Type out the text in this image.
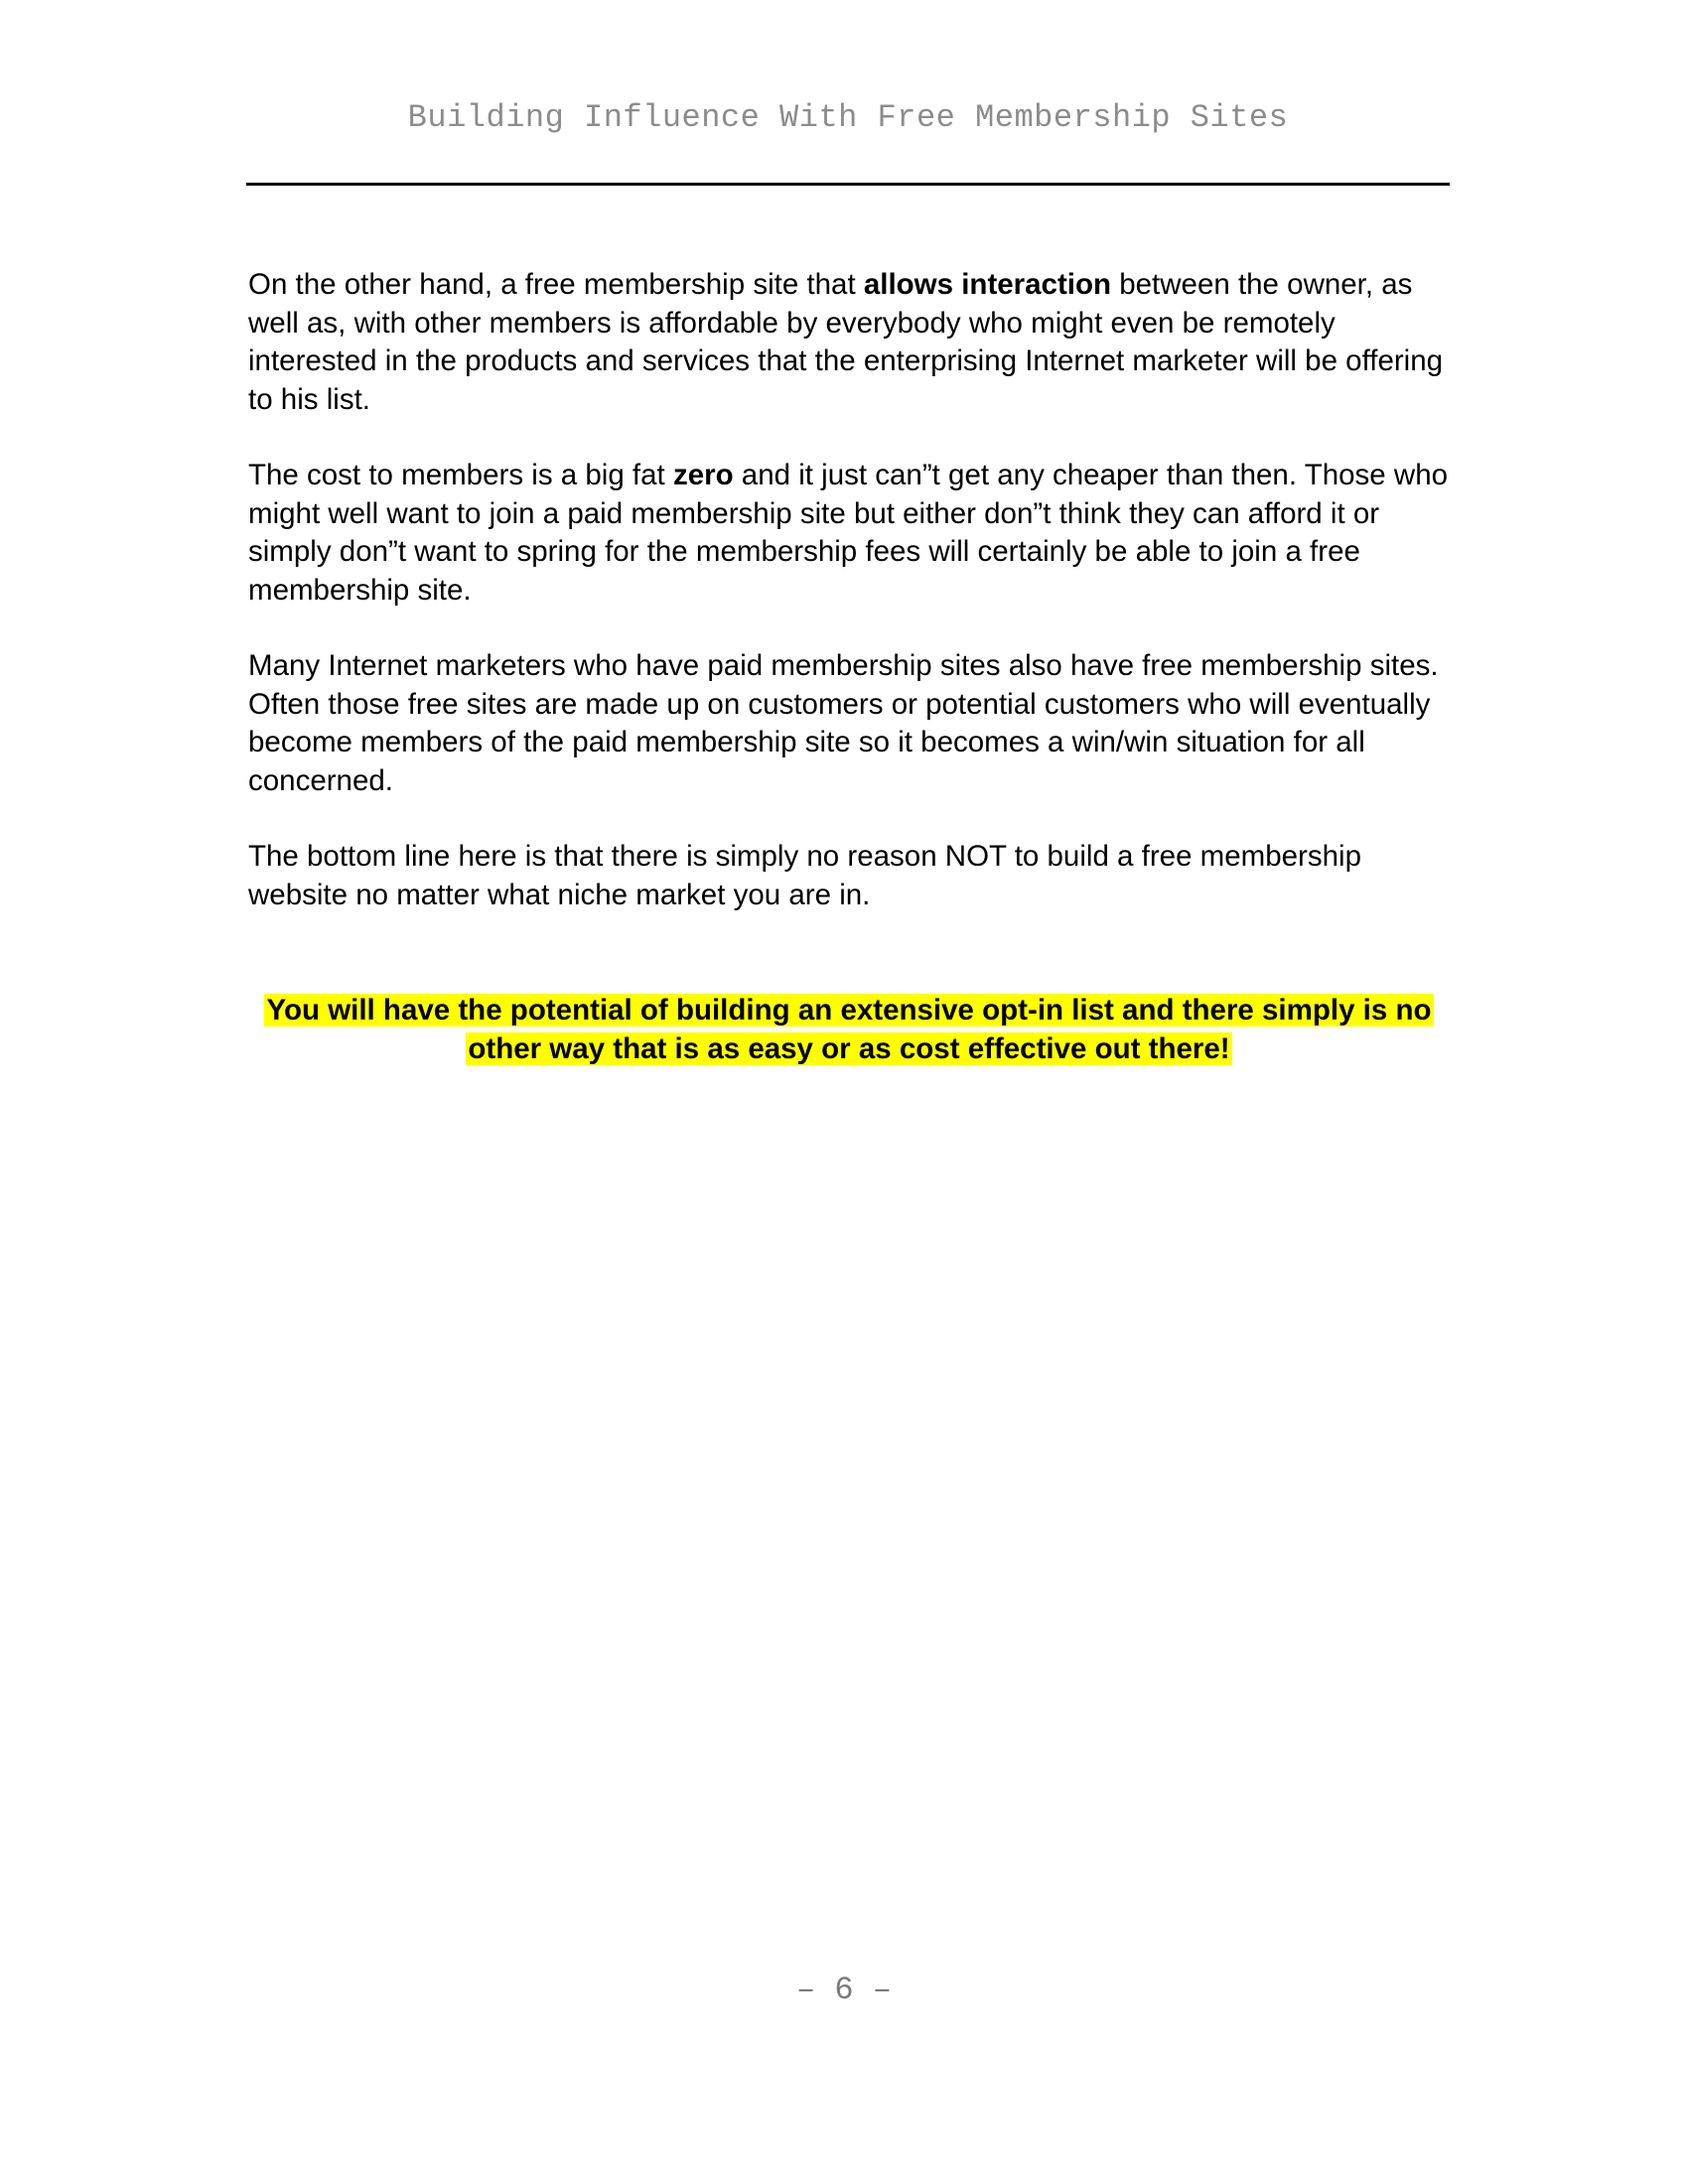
Building Influence With Free Membership Sites

On the other hand, a free membership site that allows interaction between the owner, as well as, with other members is affordable by everybody who might even be remotely interested in the products and services that the enterprising Internet marketer will be offering to his list.

The cost to members is a big fat zero and it just can”t get any cheaper than then. Those who might well want to join a paid membership site but either don”t think they can afford it or simply don”t want to spring for the membership fees will certainly be able to join a free membership site.

Many Internet marketers who have paid membership sites also have free membership sites. Often those free sites are made up on customers or potential customers who will eventually become members of the paid membership site so it becomes a win/win situation for all concerned.

The bottom line here is that there is simply no reason NOT to build a free membership website no matter what niche market you are in.

You will have the potential of building an extensive opt-in list and there simply is no other way that is as easy or as cost effective out there!
– 6 –
